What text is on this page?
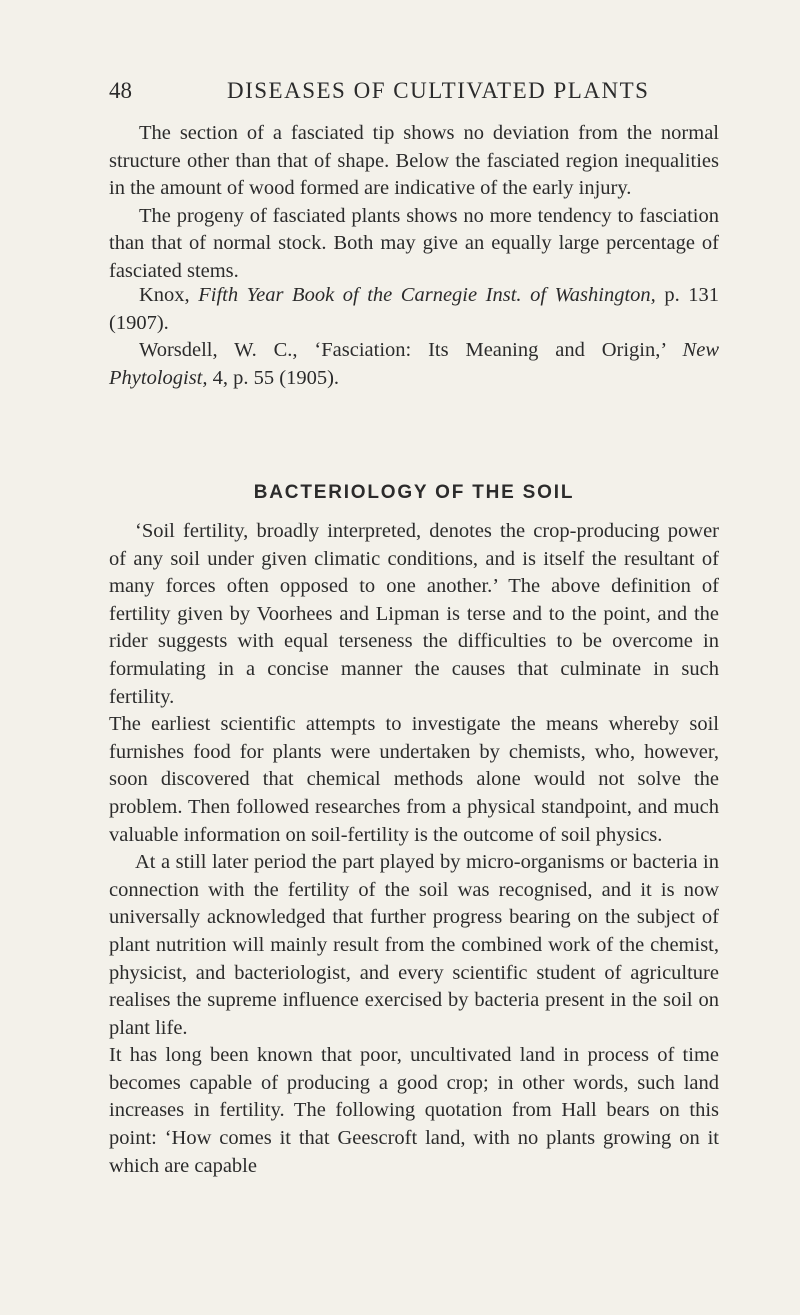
48	DISEASES OF CULTIVATED PLANTS

The section of a fasciated tip shows no deviation from the normal structure other than that of shape. Below the fasciated region inequalities in the amount of wood formed are indicative of the early injury.

The progeny of fasciated plants shows no more tendency to fasciation than that of normal stock. Both may give an equally large percentage of fasciated stems.

Knox, Fifth Year Book of the Carnegie Inst. of Washington, p. 131 (1907).

Worsdell, W. C., ‘Fasciation: Its Meaning and Origin,’ New Phytologist, 4, p. 55 (1905).

BACTERIOLOGY OF THE SOIL

‘Soil fertility, broadly interpreted, denotes the crop-producing power of any soil under given climatic conditions, and is itself the resultant of many forces often opposed to one another.’ The above definition of fertility given by Voorhees and Lipman is terse and to the point, and the rider suggests with equal terseness the difficulties to be overcome in formulating in a concise manner the causes that culminate in such fertility.

The earliest scientific attempts to investigate the means whereby soil furnishes food for plants were undertaken by chemists, who, however, soon discovered that chemical methods alone would not solve the problem. Then followed researches from a physical standpoint, and much valuable information on soil-fertility is the outcome of soil physics.

At a still later period the part played by micro-organisms or bacteria in connection with the fertility of the soil was recognised, and it is now universally acknowledged that further progress bearing on the subject of plant nutrition will mainly result from the combined work of the chemist, physicist, and bacteriologist, and every scientific student of agriculture realises the supreme influence exercised by bacteria present in the soil on plant life.

It has long been known that poor, uncultivated land in process of time becomes capable of producing a good crop; in other words, such land increases in fertility. The following quotation from Hall bears on this point: ‘How comes it that Geescroft land, with no plants growing on it which are capable
